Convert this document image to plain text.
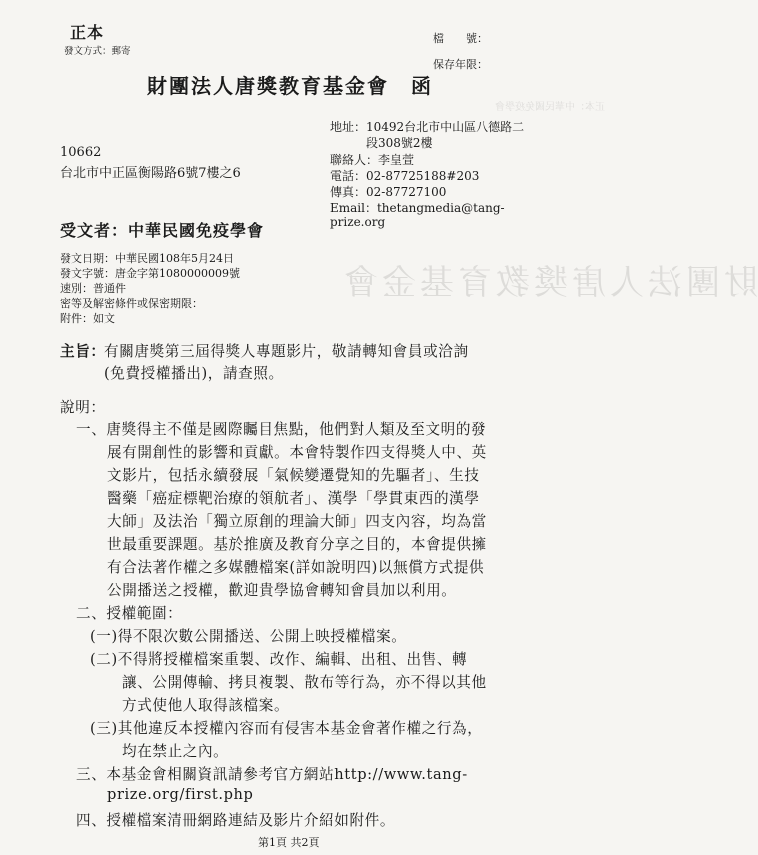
財團法人唐獎教育基金會
正本：中華民國免疫學會
正本
發文方式：郵寄
檔　　號：
保存年限：
財團法人唐獎教育基金會　函
地址：10492台北市中山區八德路二
段308號2樓
聯絡人：李皇萱
電話：02-87725188#203
傳真：02-87727100
Email：thetangmedia@tang-
prize.org
10662
台北市中正區衡陽路6號7樓之6
受文者：中華民國免疫學會
發文日期：中華民國108年5月24日
發文字號：唐金字第1080000009號
速別：普通件
密等及解密條件或保密期限：
附件：如文
主旨：
有關唐獎第三屆得獎人專題影片，敬請轉知會員或洽詢
(免費授權播出)，請查照。
說明：
一、唐獎得主不僅是國際矚目焦點，他們對人類及至文明的發
展有開創性的影響和貢獻。本會特製作四支得獎人中、英
文影片，包括永續發展「氣候變遷覺知的先驅者」、生技
醫藥「癌症標靶治療的領航者」、漢學「學貫東西的漢學
大師」及法治「獨立原創的理論大師」四支內容，均為當
世最重要課題。基於推廣及教育分享之目的，本會提供擁
有合法著作權之多媒體檔案(詳如說明四)以無償方式提供
公開播送之授權，歡迎貴學協會轉知會員加以利用。
二、授權範圍：
(一)得不限次數公開播送、公開上映授權檔案。
(二)不得將授權檔案重製、改作、編輯、出租、出售、轉
讓、公開傳輸、拷貝複製、散布等行為，亦不得以其他
方式使他人取得該檔案。
(三)其他違反本授權內容而有侵害本基金會著作權之行為，
均在禁止之內。
三、本基金會相關資訊請參考官方網站http://www.tang-
prize.org/first.php
四、授權檔案清冊網路連結及影片介紹如附件。
第1頁 共2頁
